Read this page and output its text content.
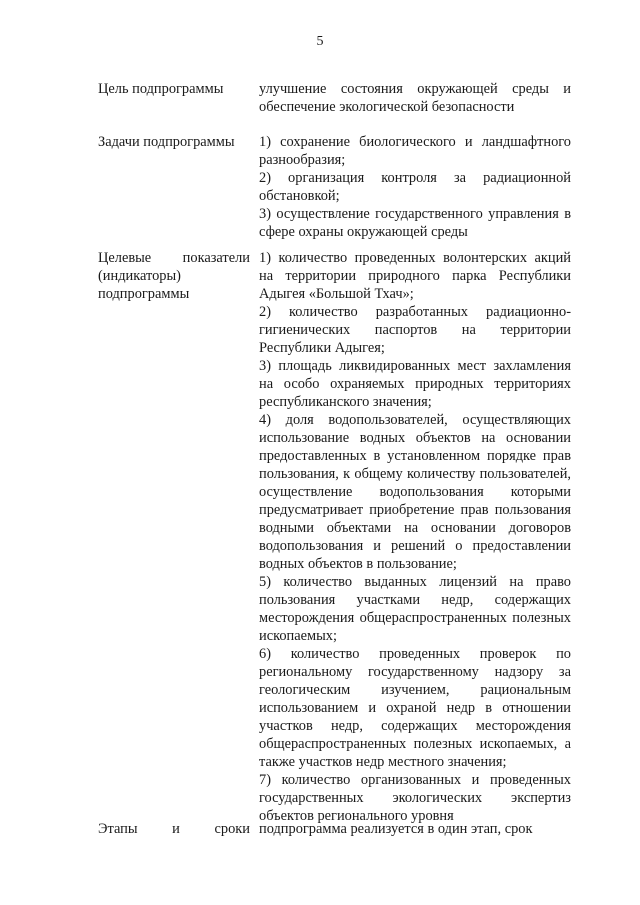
5
Цель подпрограммы	улучшение состояния окружающей среды и обеспечение экологической безопасности

Задачи подпрограммы	1) сохранение биологического и ландшафтного разнообразия;

2) организация контроля за радиационной обстановкой;

3) осуществление государственного управления в сфере охраны окружающей среды

Целевые показатели (индикаторы) подпрограммы

1) количество проведенных волонтерских акций на территории природного парка Республики Адыгея «Большой Тхач»;

2) количество разработанных радиационно-гигиенических паспортов на территории Республики Адыгея;

3) площадь ликвидированных мест захламления на особо охраняемых природных территориях республиканского значения;

4) доля водопользователей, осуществляющих использование водных объектов на основании предоставленных в установленном порядке прав пользования, к общему количеству пользователей, осуществление водопользования которыми предусматривает приобретение прав пользования водными объектами на основании договоров водопользования и решений о предоставлении водных объектов в пользование;

5) количество выданных лицензий на право пользования участками недр, содержащих месторождения общераспространенных полезных ископаемых;

6) количество проведенных проверок по региональному государственному надзору за геологическим изучением, рациональным использованием и охраной недр в отношении участков недр, содержащих месторождения общераспространенных полезных ископаемых, а также участков недр местного значения;

7) количество организованных и проведенных государственных экологических экспертиз объектов регионального уровня

Этапы и сроки подпрограмма реализуется в один этап, срок
